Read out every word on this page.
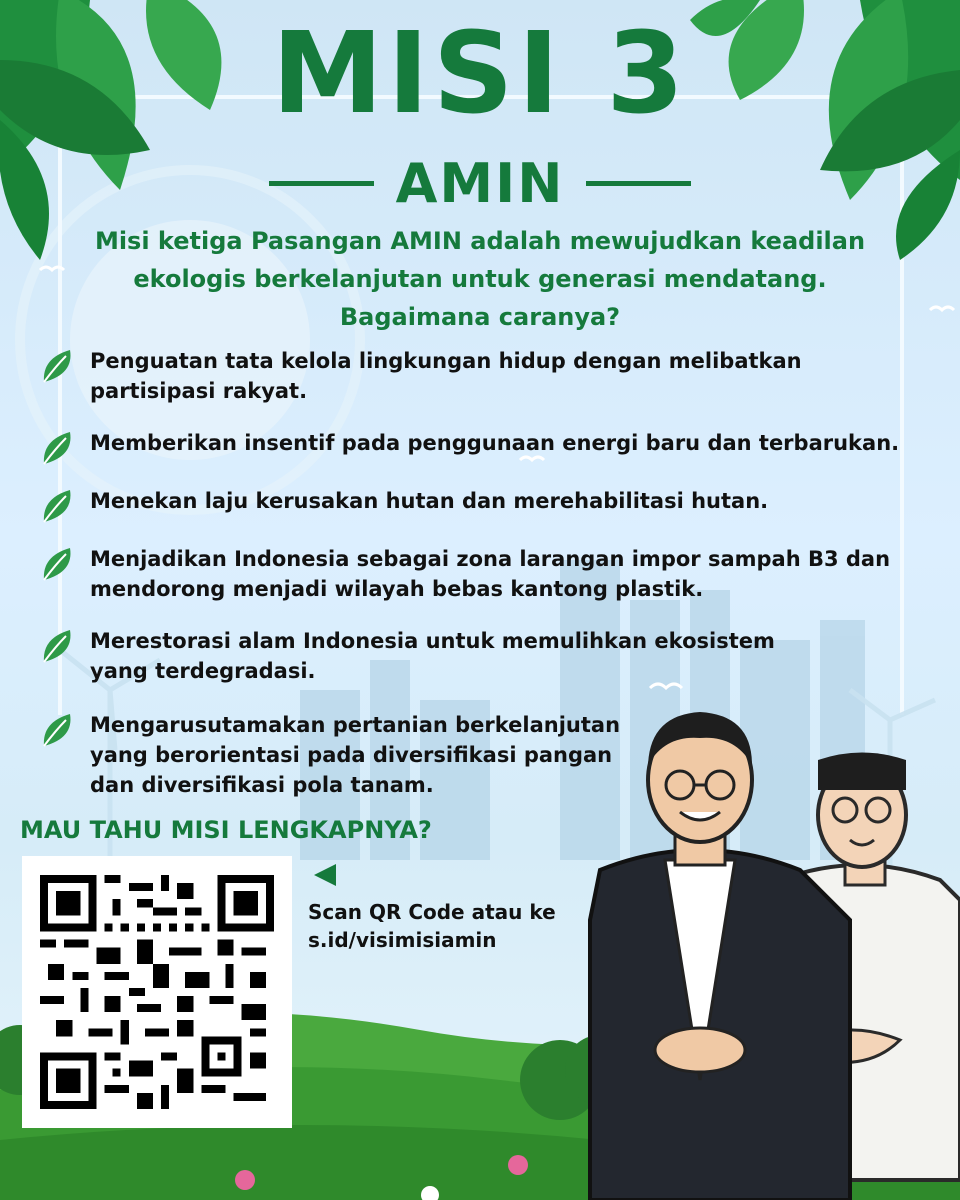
MISI 3
AMIN
Misi ketiga Pasangan AMIN adalah mewujudkan keadilan
ekologis berkelanjutan untuk generasi mendatang.
Bagaimana caranya?
Penguatan tata kelola lingkungan hidup dengan melibatkan
partisipasi rakyat.
Memberikan insentif pada penggunaan energi baru dan terbarukan.
Menekan laju kerusakan hutan dan merehabilitasi hutan.
Menjadikan Indonesia sebagai zona larangan impor sampah B3 dan
mendorong menjadi wilayah bebas kantong plastik.
Merestorasi alam Indonesia untuk memulihkan ekosistem
yang terdegradasi.
Mengarusutamakan pertanian berkelanjutan
yang berorientasi pada diversifikasi pangan
dan diversifikasi pola tanam.
MAU TAHU MISI LENGKAPNYA?
Scan QR Code atau ke
s.id/visimisiamin
